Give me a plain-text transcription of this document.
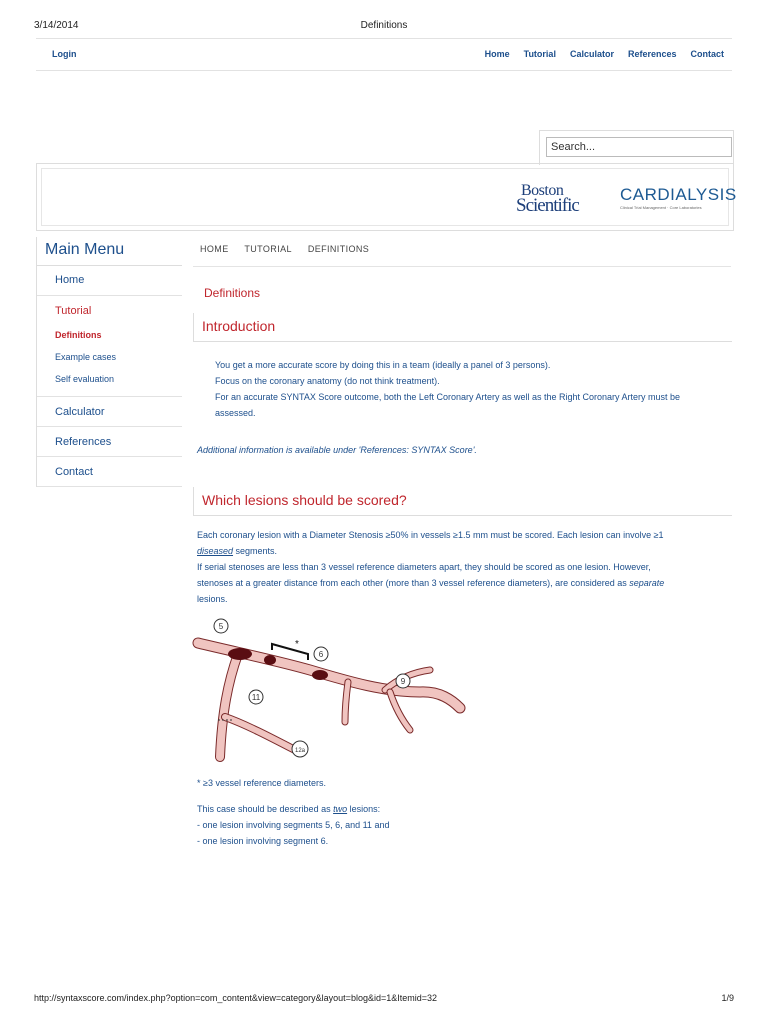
3/14/2014	Definitions
http://syntaxscore.com/index.php?option=com_content&view=category&layout=blog&id=1&Itemid=32	1/9
Login	Home Tutorial Calculator References Contact
Search...
Boston
Scientific
CARDIALYSIS
Clinical Trial Management · Core Laboratories
Main Menu
Home
Tutorial
Definitions
Example cases
Self evaluation
Calculator
References
Contact
HOME TUTORIAL DEFINITIONS
Definitions
Introduction
You get a more accurate score by doing this in a team (ideally a panel of 3 persons).
Focus on the coronary anatomy (do not think treatment).
For an accurate SYNTAX Score outcome, both the Left Coronary Artery as well as the Right Coronary Artery must be
assessed.
Additional information is available under 'References: SYNTAX Score'.
Which lesions should be scored?
Each coronary lesion with a Diameter Stenosis ≥50% in vessels ≥1.5 mm must be scored. Each lesion can involve ≥1
diseased segments.
If serial stenoses are less than 3 vessel reference diameters apart, they should be scored as one lesion. However,
stenoses at a greater distance from each other (more than 3 vessel reference diameters), are considered as separate
lesions.
*
5
6
9
11
12a
* ≥3 vessel reference diameters.
This case should be described as two lesions:
- one lesion involving segments 5, 6, and 11 and
- one lesion involving segment 6.
